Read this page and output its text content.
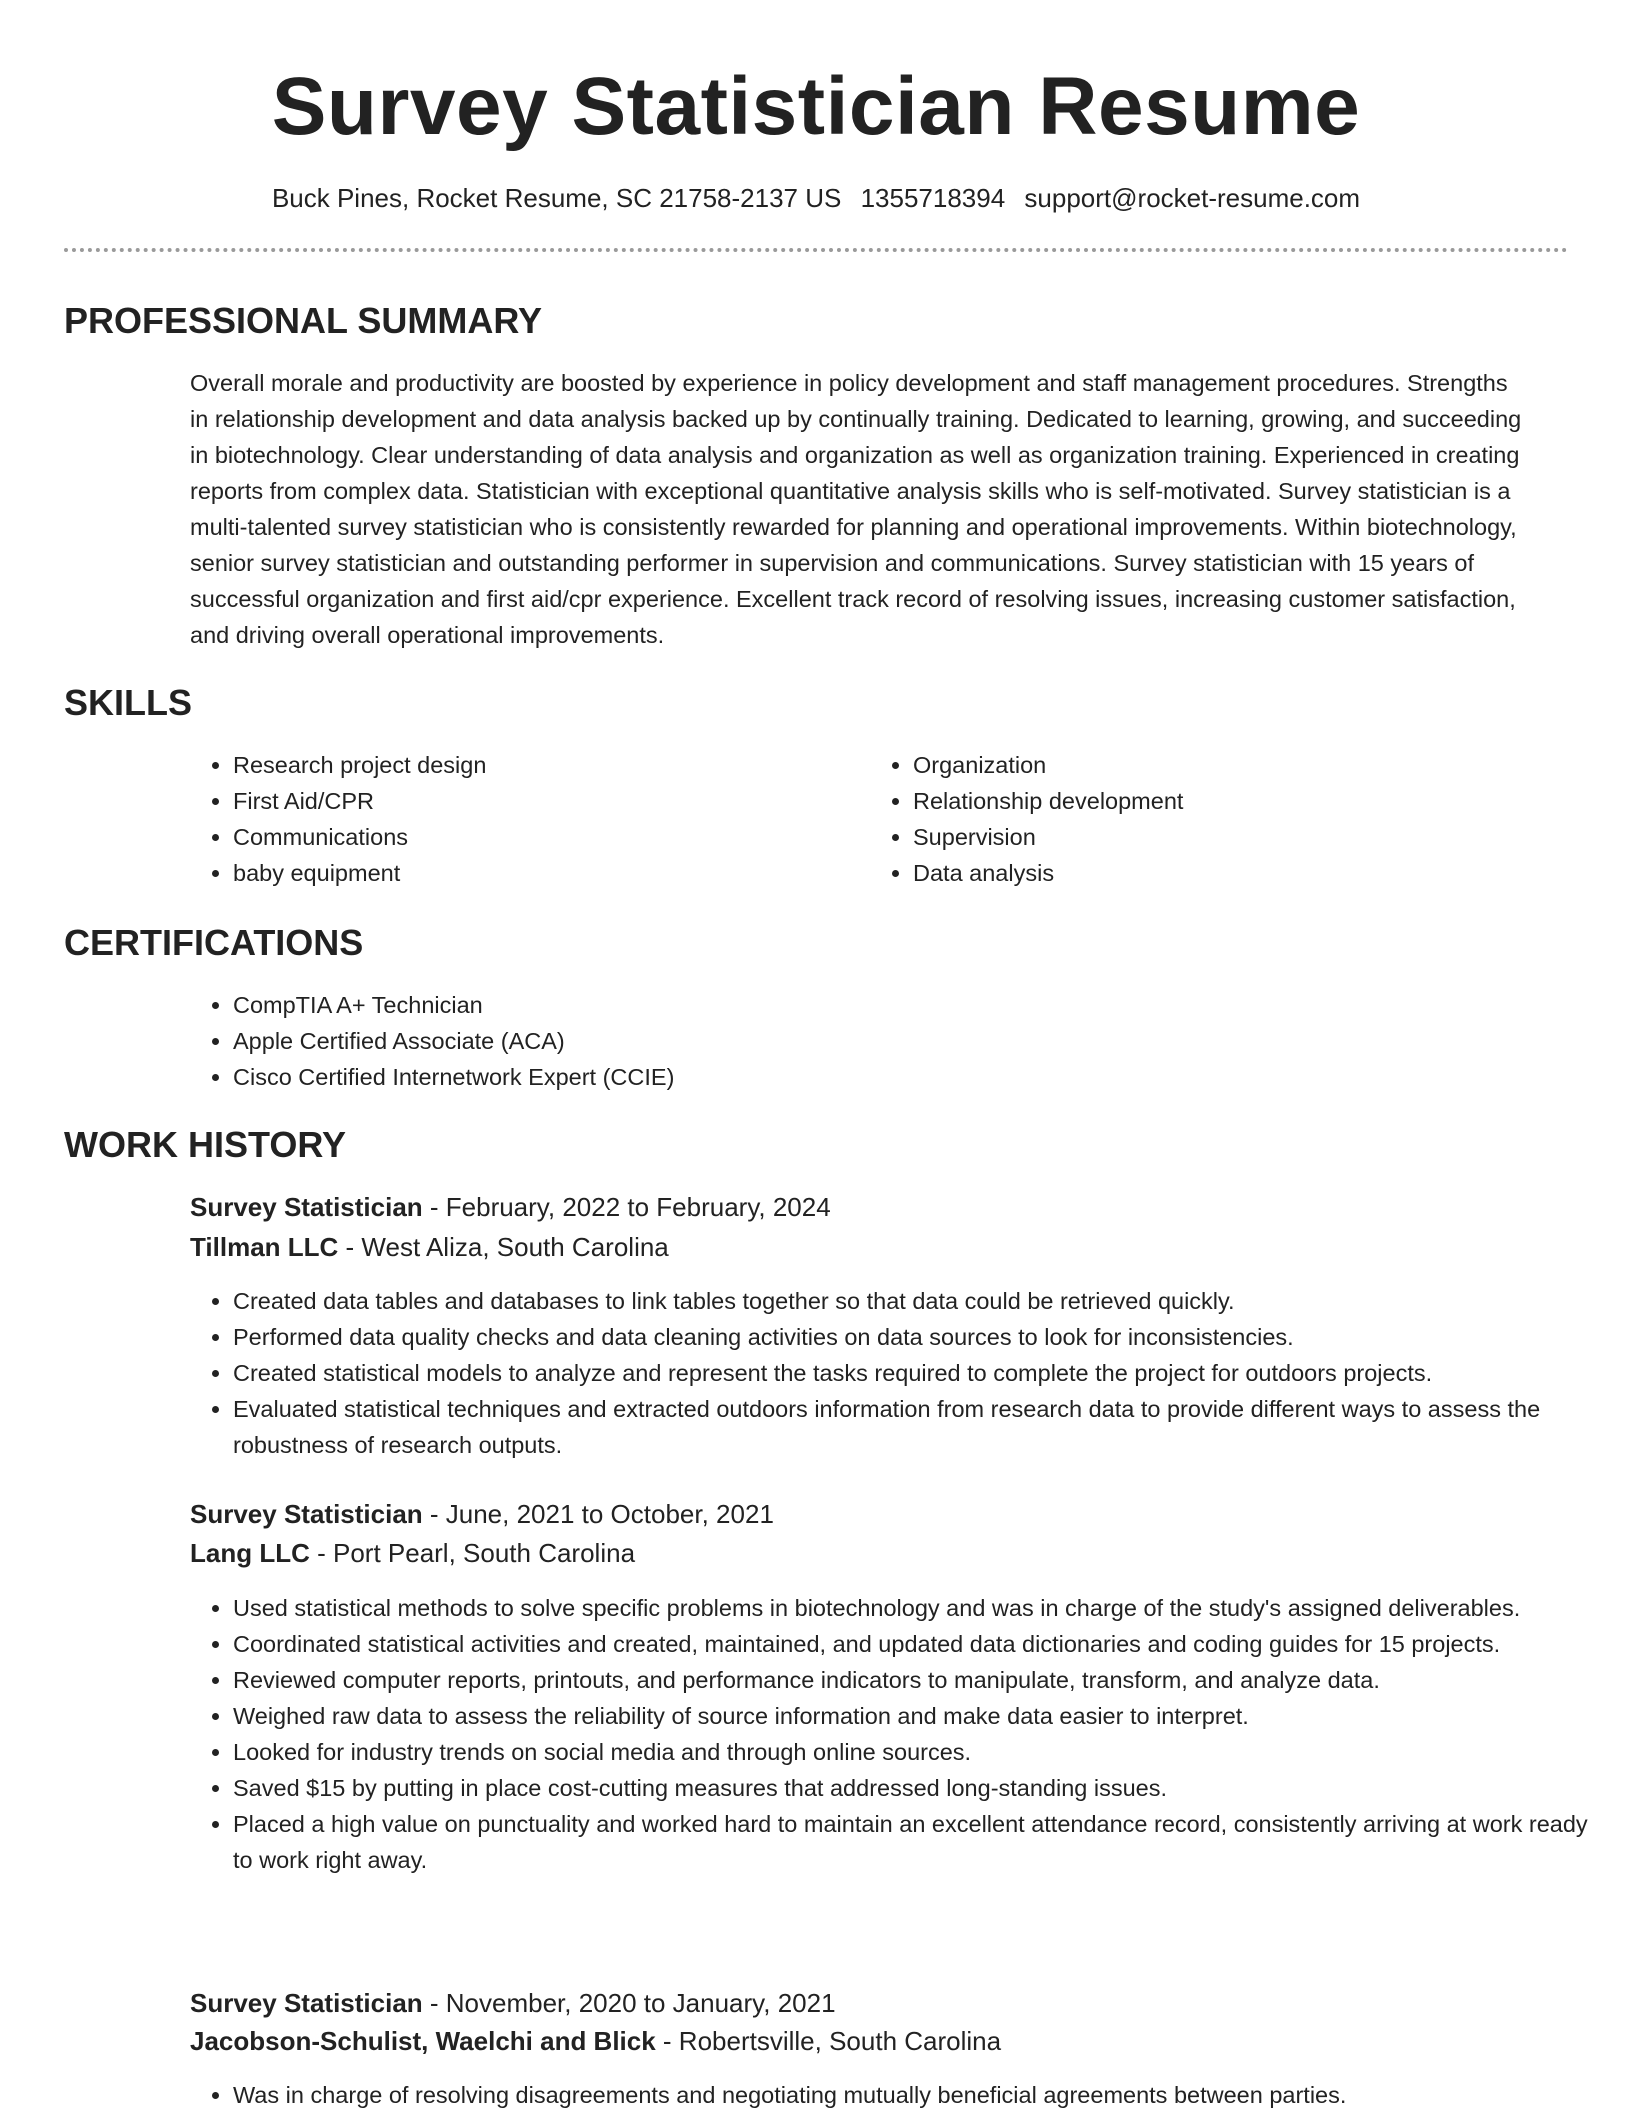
Survey Statistician Resume
Buck Pines, Rocket Resume, SC 21758-2137 US 1355718394 support@rocket-resume.com
PROFESSIONAL SUMMARY

Overall morale and productivity are boosted by experience in policy development and staff management procedures. Strengths in relationship development and data analysis backed up by continually training. Dedicated to learning, growing, and succeeding in biotechnology. Clear understanding of data analysis and organization as well as organization training. Experienced in creating reports from complex data. Statistician with exceptional quantitative analysis skills who is self-motivated. Survey statistician is a multi-talented survey statistician who is consistently rewarded for planning and operational improvements. Within biotechnology, senior survey statistician and outstanding performer in supervision and communications. Survey statistician with 15 years of successful organization and first aid/cpr experience. Excellent track record of resolving issues, increasing customer satisfaction, and driving overall operational improvements.

SKILLS
• Research project design
• First Aid/CPR
• Communications
• baby equipment
• Organization
• Relationship development
• Supervision
• Data analysis
CERTIFICATIONS
• CompTIA A+ Technician
• Apple Certified Associate (ACA)
• Cisco Certified Internetwork Expert (CCIE)
WORK HISTORY
Survey Statistician - February, 2022 to February, 2024
Tillman LLC - West Aliza, South Carolina
• Created data tables and databases to link tables together so that data could be retrieved quickly.
• Performed data quality checks and data cleaning activities on data sources to look for inconsistencies.
• Created statistical models to analyze and represent the tasks required to complete the project for outdoors projects.
• Evaluated statistical techniques and extracted outdoors information from research data to provide different ways to assess the robustness of research outputs.
Survey Statistician - June, 2021 to October, 2021
Lang LLC - Port Pearl, South Carolina
• Used statistical methods to solve specific problems in biotechnology and was in charge of the study's assigned deliverables.
• Coordinated statistical activities and created, maintained, and updated data dictionaries and coding guides for 15 projects.
• Reviewed computer reports, printouts, and performance indicators to manipulate, transform, and analyze data.
• Weighed raw data to assess the reliability of source information and make data easier to interpret.
• Looked for industry trends on social media and through online sources.
• Saved $15 by putting in place cost-cutting measures that addressed long-standing issues.
• Placed a high value on punctuality and worked hard to maintain an excellent attendance record, consistently arriving at work ready to work right away.
Survey Statistician - November, 2020 to January, 2021
Jacobson-Schulist, Waelchi and Blick - Robertsville, South Carolina
• Was in charge of resolving disagreements and negotiating mutually beneficial agreements between parties.
